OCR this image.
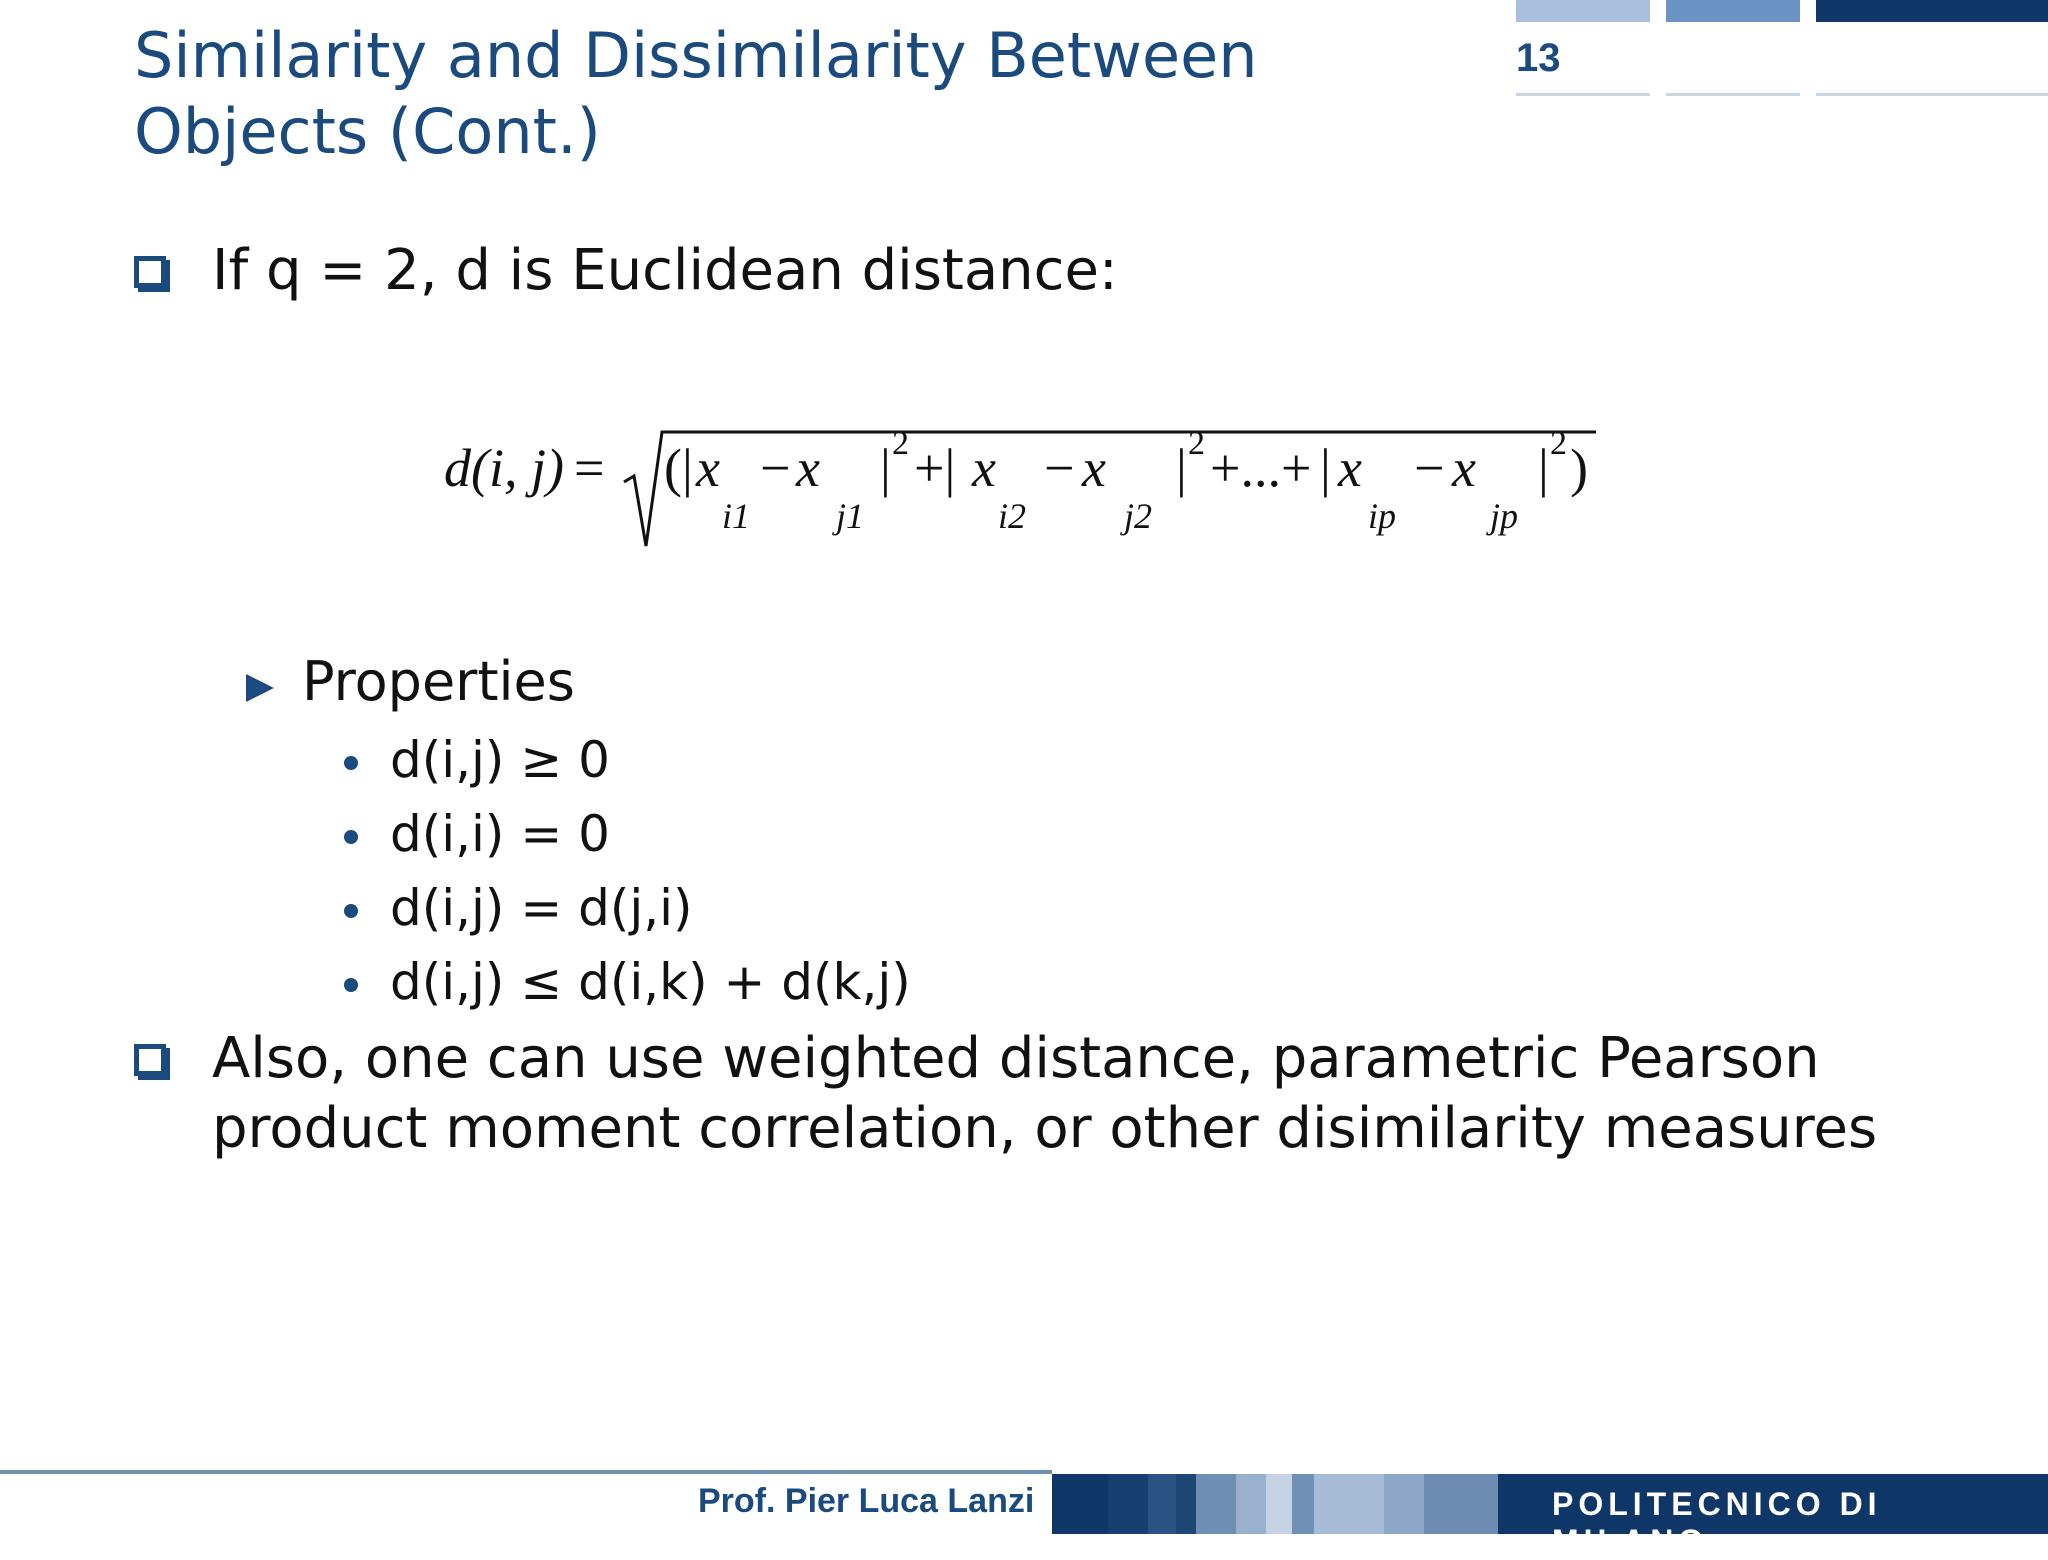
Similarity and Dissimilarity Between Objects (Cont.)
13
If q = 2, d is Euclidean distance:
d(i, j) = (| x
i1
− x
j1
| 2 +| x
i2
− x
j2
| 2 +...+ | x
ip
− x
jp
| 2 )
Properties
d(i,j) ≥ 0
d(i,i) = 0
d(i,j) = d(j,i)
d(i,j) ≤ d(i,k) + d(k,j)
Also, one can use weighted distance, parametric Pearson
product moment correlation, or other disimilarity measures
Prof. Pier Luca Lanzi	POLITECNICO DI MILANO
